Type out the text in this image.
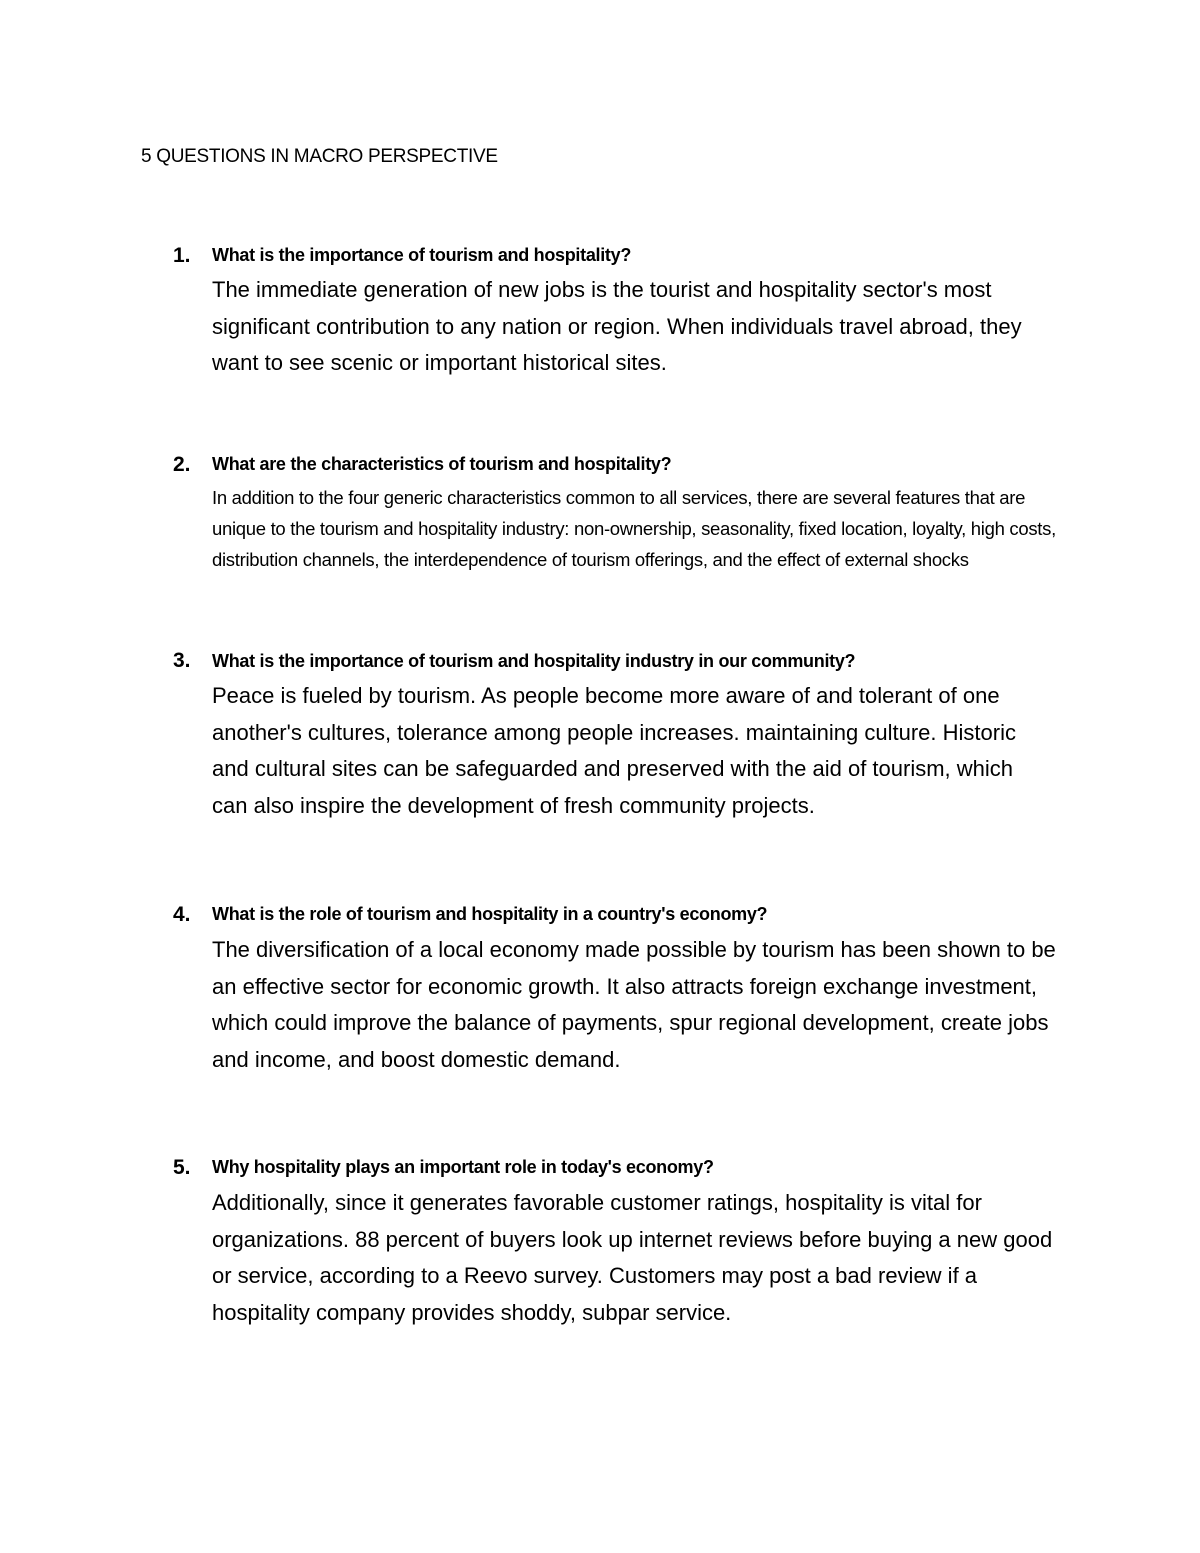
5 QUESTIONS IN MACRO PERSPECTIVE
1. What is the importance of tourism and hospitality?

The immediate generation of new jobs is the tourist and hospitality sector's most significant contribution to any nation or region. When individuals travel abroad, they want to see scenic or important historical sites.

2. What are the characteristics of tourism and hospitality?

In addition to the four generic characteristics common to all services, there are several features that are unique to the tourism and hospitality industry: non-ownership, seasonality, fixed location, loyalty, high costs, distribution channels, the interdependence of tourism offerings, and the effect of external shocks

3. What is the importance of tourism and hospitality industry in our community?

Peace is fueled by tourism. As people become more aware of and tolerant of one another's cultures, tolerance among people increases. maintaining culture. Historic and cultural sites can be safeguarded and preserved with the aid of tourism, which can also inspire the development of fresh community projects.

4. What is the role of tourism and hospitality in a country's economy?

The diversification of a local economy made possible by tourism has been shown to be an effective sector for economic growth. It also attracts foreign exchange investment, which could improve the balance of payments, spur regional development, create jobs and income, and boost domestic demand.

5. Why hospitality plays an important role in today's economy?

Additionally, since it generates favorable customer ratings, hospitality is vital for organizations. 88 percent of buyers look up internet reviews before buying a new good or service, according to a Reevo survey. Customers may post a bad review if a hospitality company provides shoddy, subpar service.
